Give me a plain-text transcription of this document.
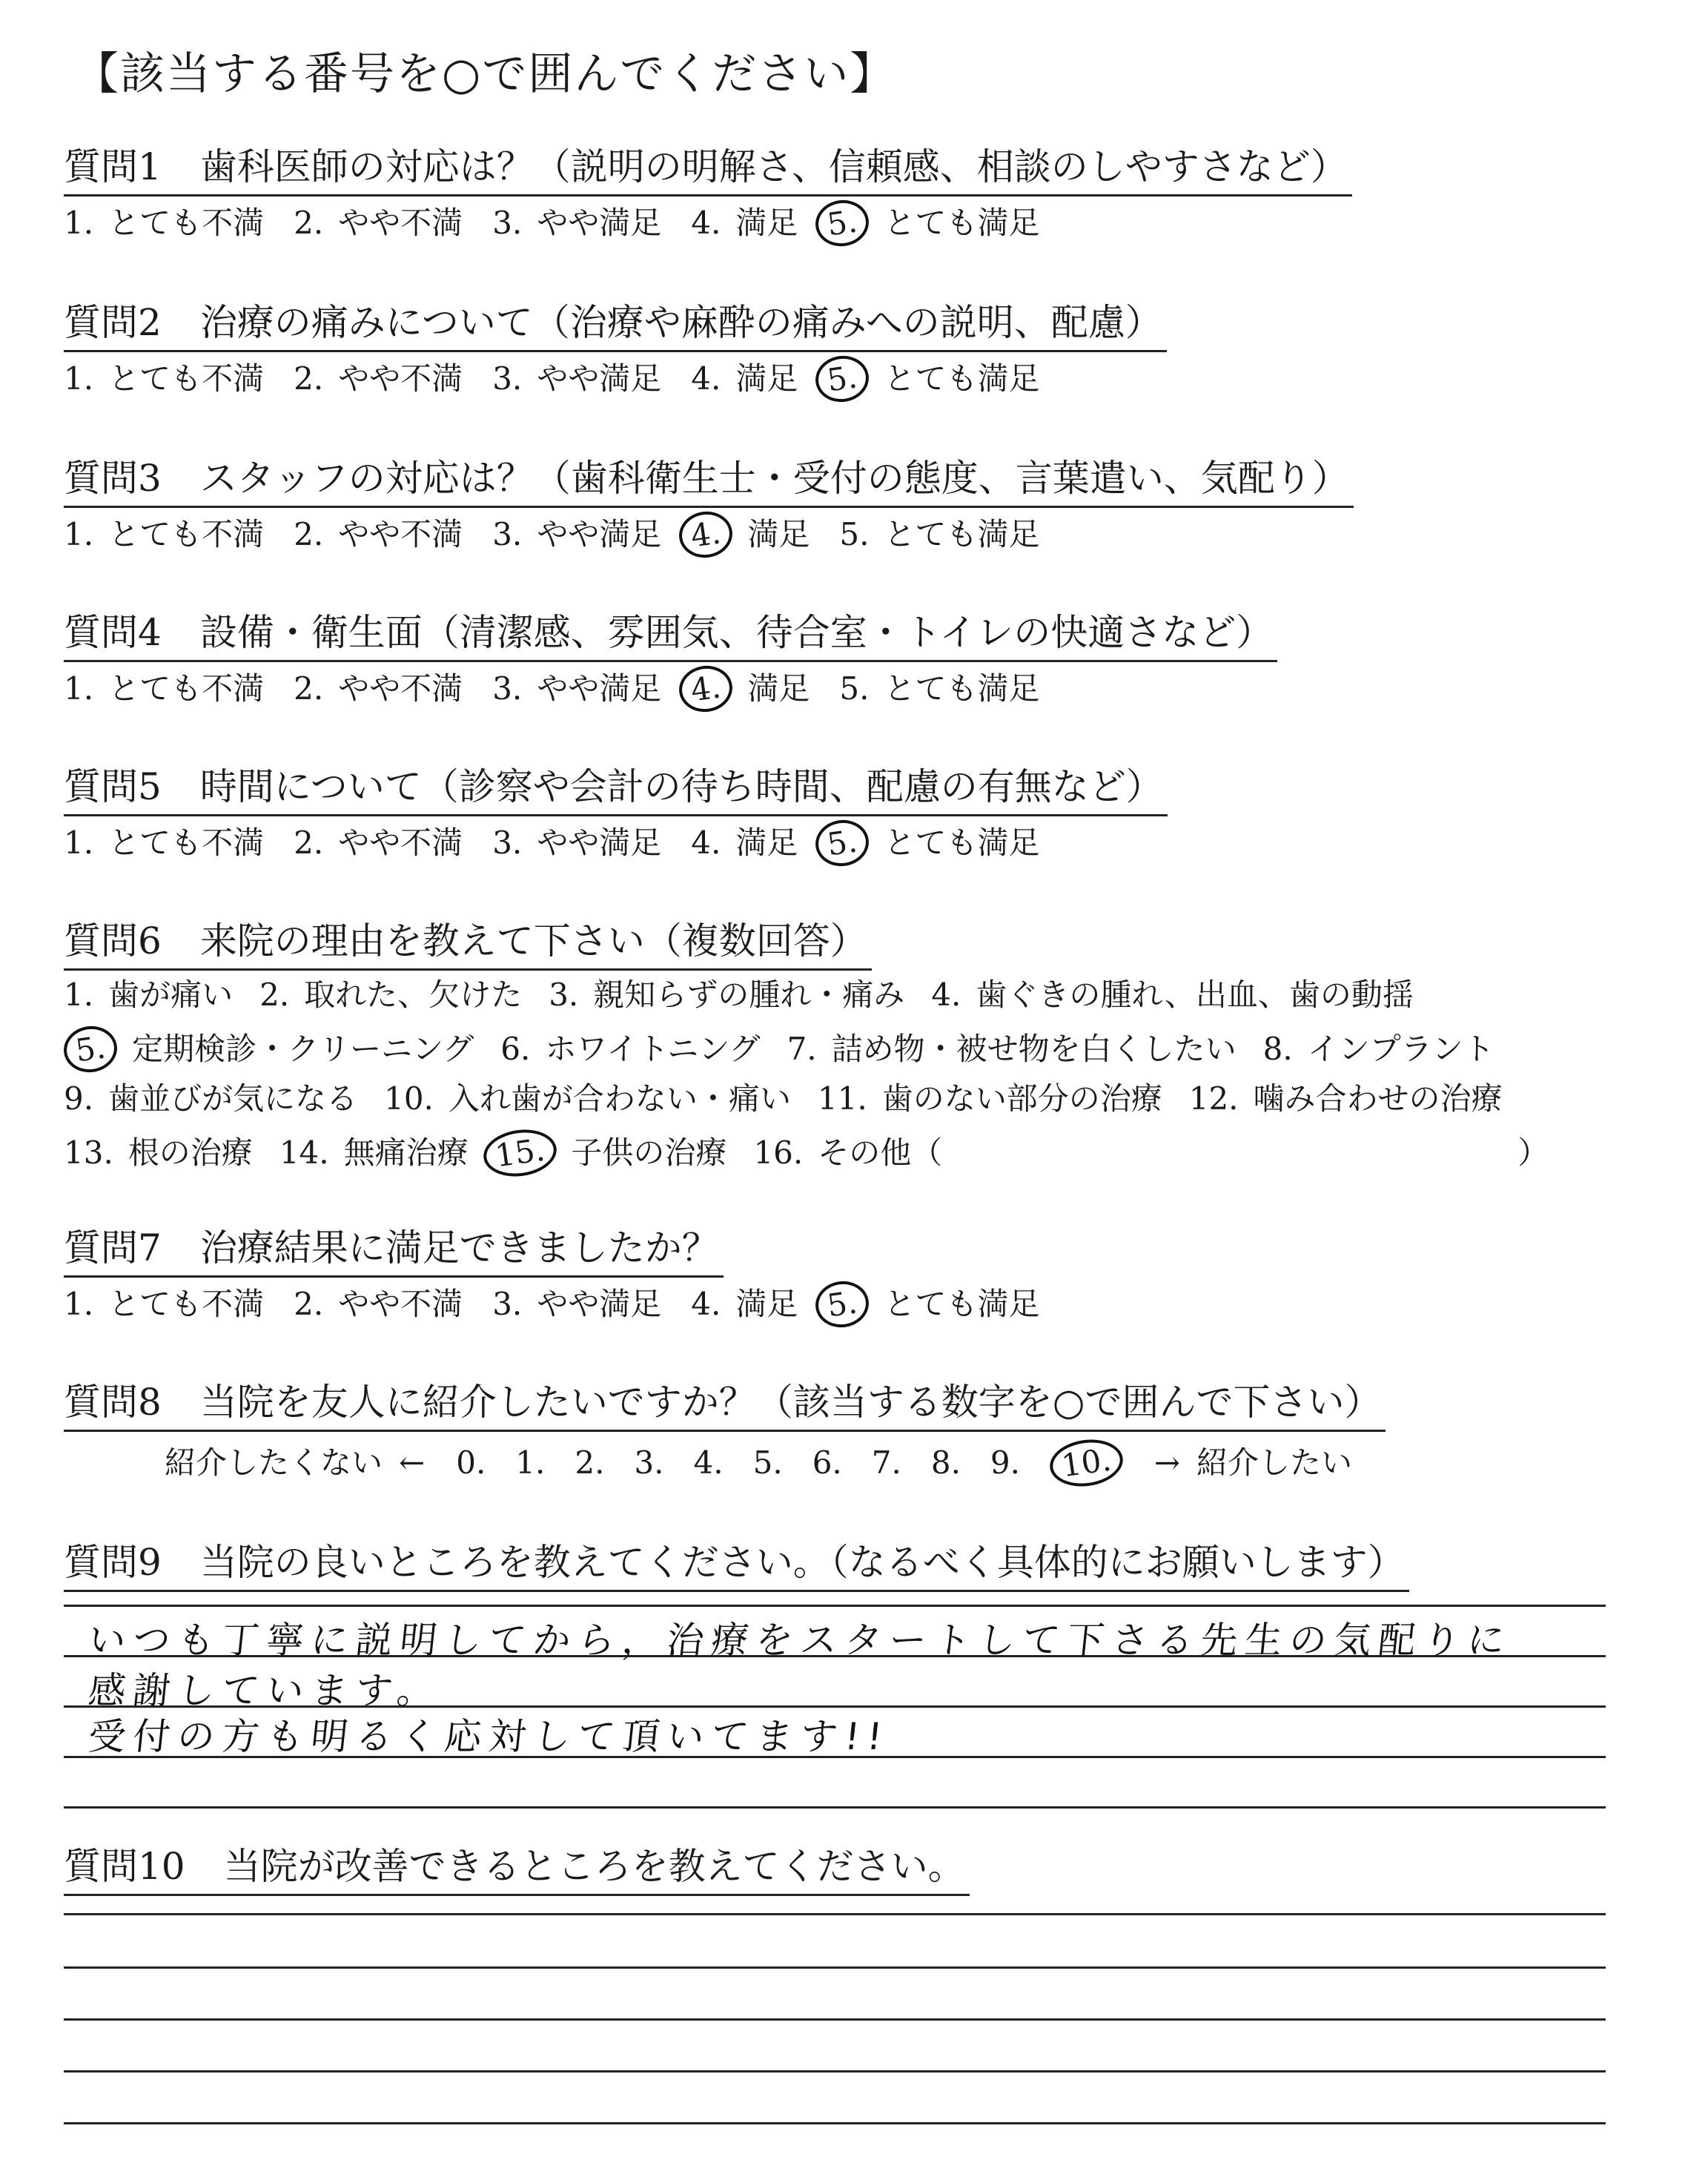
【該当する番号を○で囲んでください】
質問1 歯科医師の対応は？（説明の明解さ、信頼感、相談のしやすさなど）
1. とても不満 2. やや不満 3. やや満足 4. 満足 5. とても満足
質問2 治療の痛みについて（治療や麻酔の痛みへの説明、配慮）
1. とても不満 2. やや不満 3. やや満足 4. 満足 5. とても満足
質問3 スタッフの対応は？（歯科衛生士・受付の態度、言葉遣い、気配り）
1. とても不満 2. やや不満 3. やや満足 4. 満足 5. とても満足
質問4 設備・衛生面（清潔感、雰囲気、待合室・トイレの快適さなど）
1. とても不満 2. やや不満 3. やや満足 4. 満足 5. とても満足
質問5 時間について（診察や会計の待ち時間、配慮の有無など）
1. とても不満 2. やや不満 3. やや満足 4. 満足 5. とても満足
質問6 来院の理由を教えて下さい（複数回答）
1. 歯が痛い 2. 取れた、欠けた 3. 親知らずの腫れ・痛み 4. 歯ぐきの腫れ、出血、歯の動揺
5. 定期検診・クリーニング 6. ホワイトニング 7. 詰め物・被せ物を白くしたい 8. インプラント
9. 歯並びが気になる 10. 入れ歯が合わない・痛い 11. 歯のない部分の治療 12. 噛み合わせの治療
13. 根の治療 14. 無痛治療 15. 子供の治療 16. その他（	）
質問7 治療結果に満足できましたか？
1. とても不満 2. やや不満 3. やや満足 4. 満足 5. とても満足
質問8 当院を友人に紹介したいですか？（該当する数字を○で囲んで下さい）
紹介したくない ← 0. 1. 2. 3. 4. 5. 6. 7. 8. 9. 10. → 紹介したい
質問9 当院の良いところを教えてください。（なるべく具体的にお願いします）
いつも丁寧に説明してから，治療をスタートして下さる先生の気配りに
感謝しています。
受付の方も明るく応対して頂いてます!!
質問10 当院が改善できるところを教えてください。
